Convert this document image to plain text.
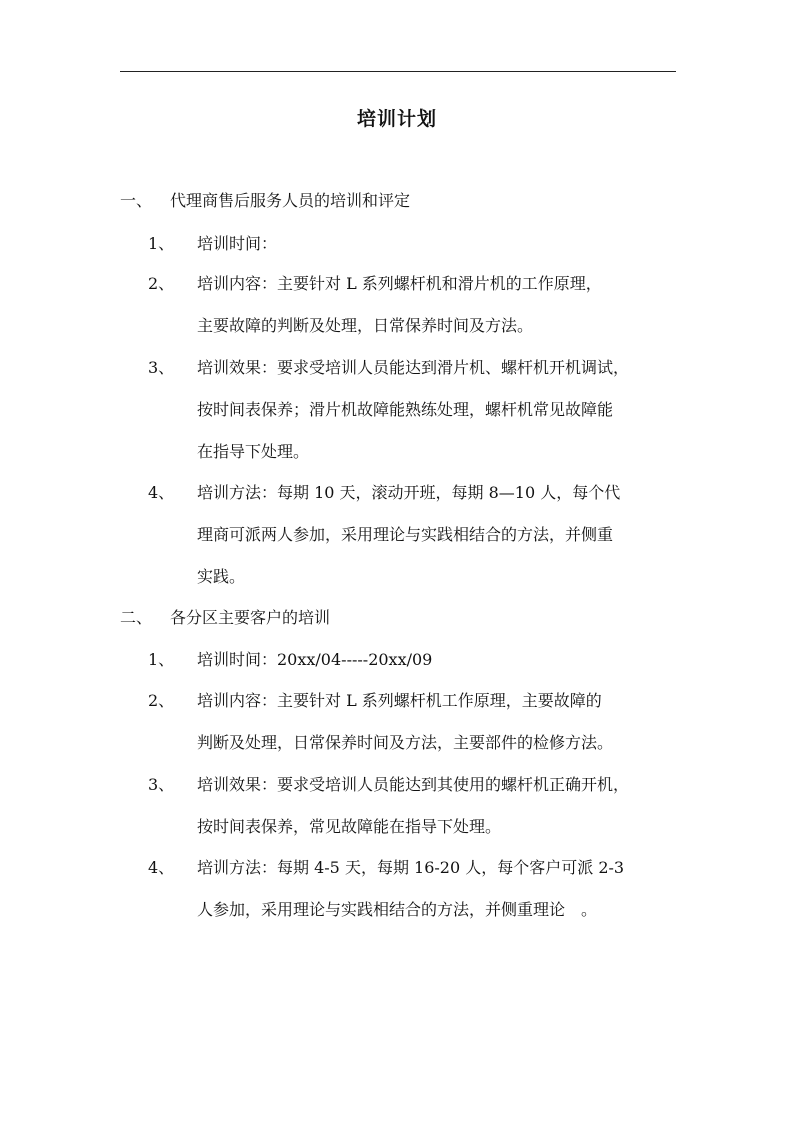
培训计划
一、 代理商售后服务人员的培训和评定
1、 培训时间：
2、 培训内容：主要针对 L 系列螺杆机和滑片机的工作原理，
主要故障的判断及处理，日常保养时间及方法。
3、 培训效果：要求受培训人员能达到滑片机、螺杆机开机调试，
按时间表保养；滑片机故障能熟练处理，螺杆机常见故障能
在指导下处理。
4、 培训方法：每期 10 天，滚动开班，每期 8—10 人，每个代
理商可派两人参加，采用理论与实践相结合的方法，并侧重
实践。
二、 各分区主要客户的培训
1、 培训时间：20xx/04-----20xx/09
2、 培训内容：主要针对 L 系列螺杆机工作原理，主要故障的
判断及处理，日常保养时间及方法，主要部件的检修方法。
3、 培训效果：要求受培训人员能达到其使用的螺杆机正确开机，
按时间表保养，常见故障能在指导下处理。
4、 培训方法：每期 4-5 天，每期 16-20 人，每个客户可派 2-3
人参加，采用理论与实践相结合的方法，并侧重理论　。
